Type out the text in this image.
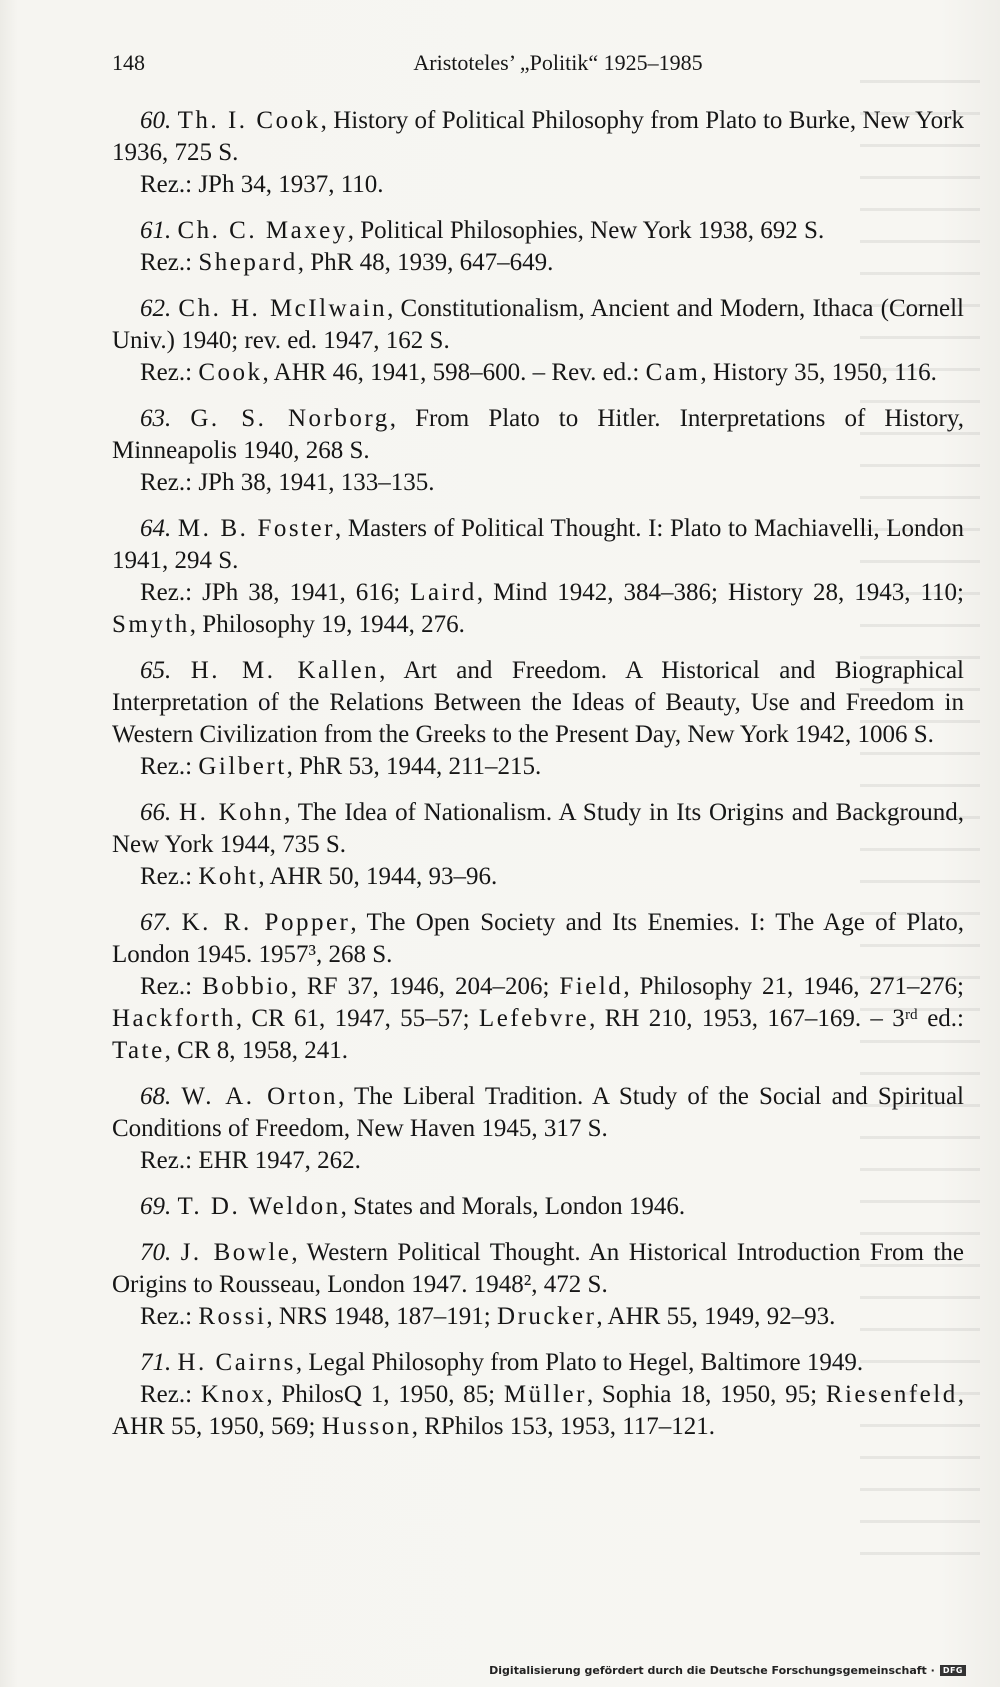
148	Aristoteles’ „Politik“ 1925–1985

60. Th. I. Cook, History of Political Philosophy from Plato to Burke, New York 1936, 725 S.

Rez.: JPh 34, 1937, 110.

61. Ch. C. Maxey, Political Philosophies, New York 1938, 692 S.

Rez.: Shepard, PhR 48, 1939, 647–649.

62. Ch. H. McIlwain, Constitutionalism, Ancient and Modern, Ithaca (Cornell Univ.) 1940; rev. ed. 1947, 162 S.

Rez.: Cook, AHR 46, 1941, 598–600. – Rev. ed.: Cam, History 35, 1950, 116.

63. G. S. Norborg, From Plato to Hitler. Interpretations of History, Minneapolis 1940, 268 S.

Rez.: JPh 38, 1941, 133–135.

64. M. B. Foster, Masters of Political Thought. I: Plato to Machiavelli, London 1941, 294 S.

Rez.: JPh 38, 1941, 616; Laird, Mind 1942, 384–386; History 28, 1943, 110; Smyth, Philosophy 19, 1944, 276.

65. H. M. Kallen, Art and Freedom. A Historical and Biographical Interpretation of the Relations Between the Ideas of Beauty, Use and Freedom in Western Civilization from the Greeks to the Present Day, New York 1942, 1006 S.

Rez.: Gilbert, PhR 53, 1944, 211–215.

66. H. Kohn, The Idea of Nationalism. A Study in Its Origins and Background, New York 1944, 735 S.

Rez.: Koht, AHR 50, 1944, 93–96.

67. K. R. Popper, The Open Society and Its Enemies. I: The Age of Plato, London 1945. 1957³, 268 S.

Rez.: Bobbio, RF 37, 1946, 204–206; Field, Philosophy 21, 1946, 271–276; Hackforth, CR 61, 1947, 55–57; Lefebvre, RH 210, 1953, 167–169. – 3ʳᵈ ed.: Tate, CR 8, 1958, 241.

68. W. A. Orton, The Liberal Tradition. A Study of the Social and Spiritual Conditions of Freedom, New Haven 1945, 317 S.

Rez.: EHR 1947, 262.

69. T. D. Weldon, States and Morals, London 1946.

70. J. Bowle, Western Political Thought. An Historical Introduction From the Origins to Rousseau, London 1947. 1948², 472 S.

Rez.: Rossi, NRS 1948, 187–191; Drucker, AHR 55, 1949, 92–93.

71. H. Cairns, Legal Philosophy from Plato to Hegel, Baltimore 1949.

Rez.: Knox, PhilosQ 1, 1950, 85; Müller, Sophia 18, 1950, 95; Riesenfeld, AHR 55, 1950, 569; Husson, RPhilos 153, 1953, 117–121.

Digitalisierung gefördert durch die Deutsche Forschungsgemeinschaft ·	DFG
